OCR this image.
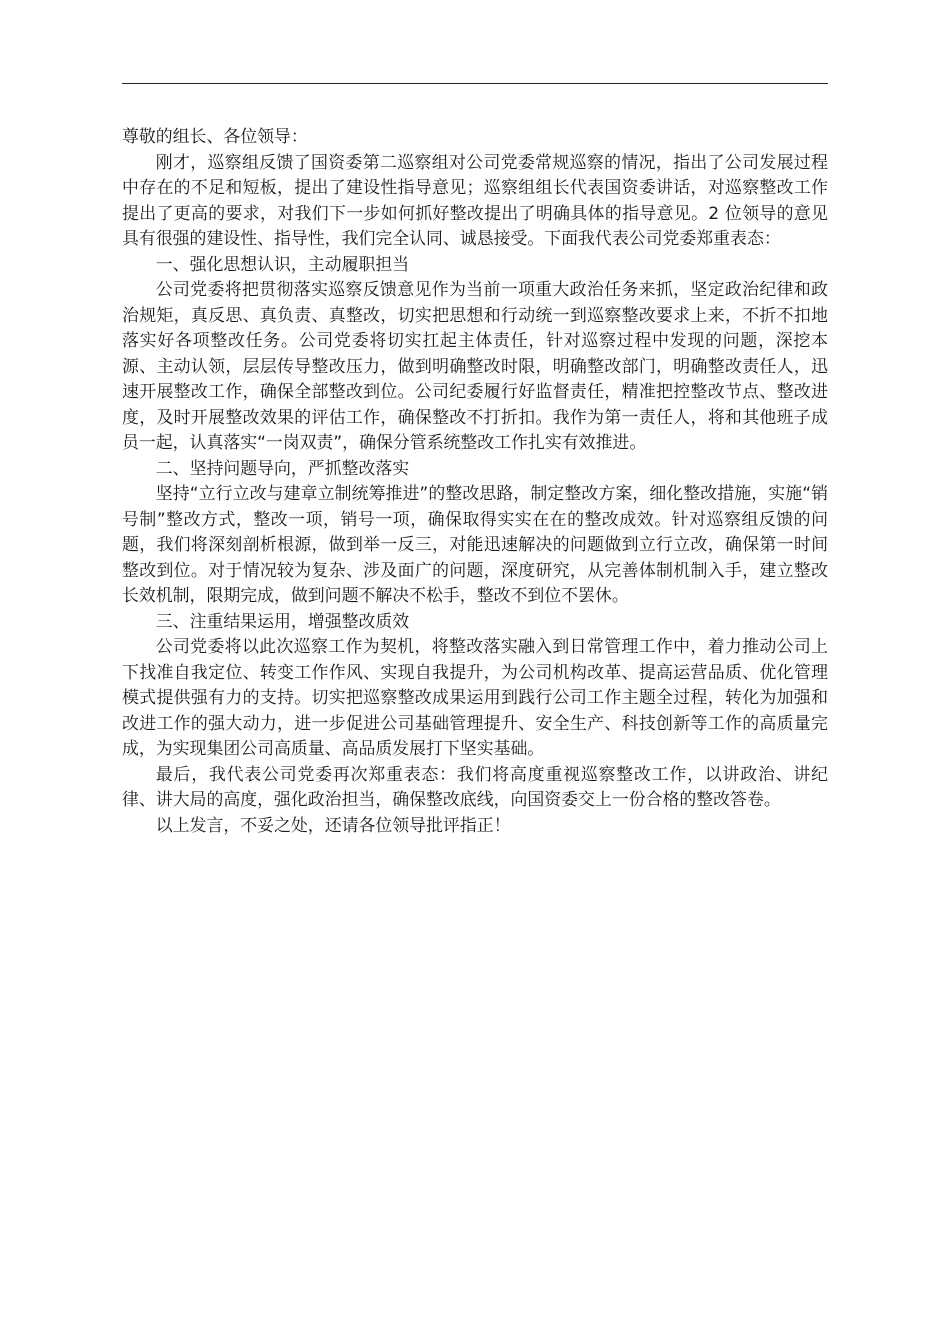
尊敬的组长、各位领导：

刚才，巡察组反馈了国资委第二巡察组对公司党委常规巡察的情况，指出了公司发展过程中存在的不足和短板，提出了建设性指导意见；巡察组组长代表国资委讲话，对巡察整改工作提出了更高的要求，对我们下一步如何抓好整改提出了明确具体的指导意见。2 位领导的意见具有很强的建设性、指导性，我们完全认同、诚恳接受。下面我代表公司党委郑重表态：

一、强化思想认识，主动履职担当

公司党委将把贯彻落实巡察反馈意见作为当前一项重大政治任务来抓，坚定政治纪律和政治规矩，真反思、真负责、真整改，切实把思想和行动统一到巡察整改要求上来，不折不扣地落实好各项整改任务。公司党委将切实扛起主体责任，针对巡察过程中发现的问题，深挖本源、主动认领，层层传导整改压力，做到明确整改时限，明确整改部门，明确整改责任人，迅速开展整改工作，确保全部整改到位。公司纪委履行好监督责任，精准把控整改节点、整改进度，及时开展整改效果的评估工作，确保整改不打折扣。我作为第一责任人，将和其他班子成员一起，认真落实“一岗双责”，确保分管系统整改工作扎实有效推进。

二、坚持问题导向，严抓整改落实

坚持“立行立改与建章立制统筹推进”的整改思路，制定整改方案，细化整改措施，实施“销号制”整改方式，整改一项，销号一项，确保取得实实在在的整改成效。针对巡察组反馈的问题，我们将深刻剖析根源，做到举一反三，对能迅速解决的问题做到立行立改，确保第一时间整改到位。对于情况较为复杂、涉及面广的问题，深度研究，从完善体制机制入手，建立整改长效机制，限期完成，做到问题不解决不松手，整改不到位不罢休。

三、注重结果运用，增强整改质效

公司党委将以此次巡察工作为契机，将整改落实融入到日常管理工作中，着力推动公司上下找准自我定位、转变工作作风、实现自我提升，为公司机构改革、提高运营品质、优化管理模式提供强有力的支持。切实把巡察整改成果运用到践行公司工作主题全过程，转化为加强和改进工作的强大动力，进一步促进公司基础管理提升、安全生产、科技创新等工作的高质量完成，为实现集团公司高质量、高品质发展打下坚实基础。

最后，我代表公司党委再次郑重表态：我们将高度重视巡察整改工作，以讲政治、讲纪律、讲大局的高度，强化政治担当，确保整改底线，向国资委交上一份合格的整改答卷。

以上发言，不妥之处，还请各位领导批评指正！
